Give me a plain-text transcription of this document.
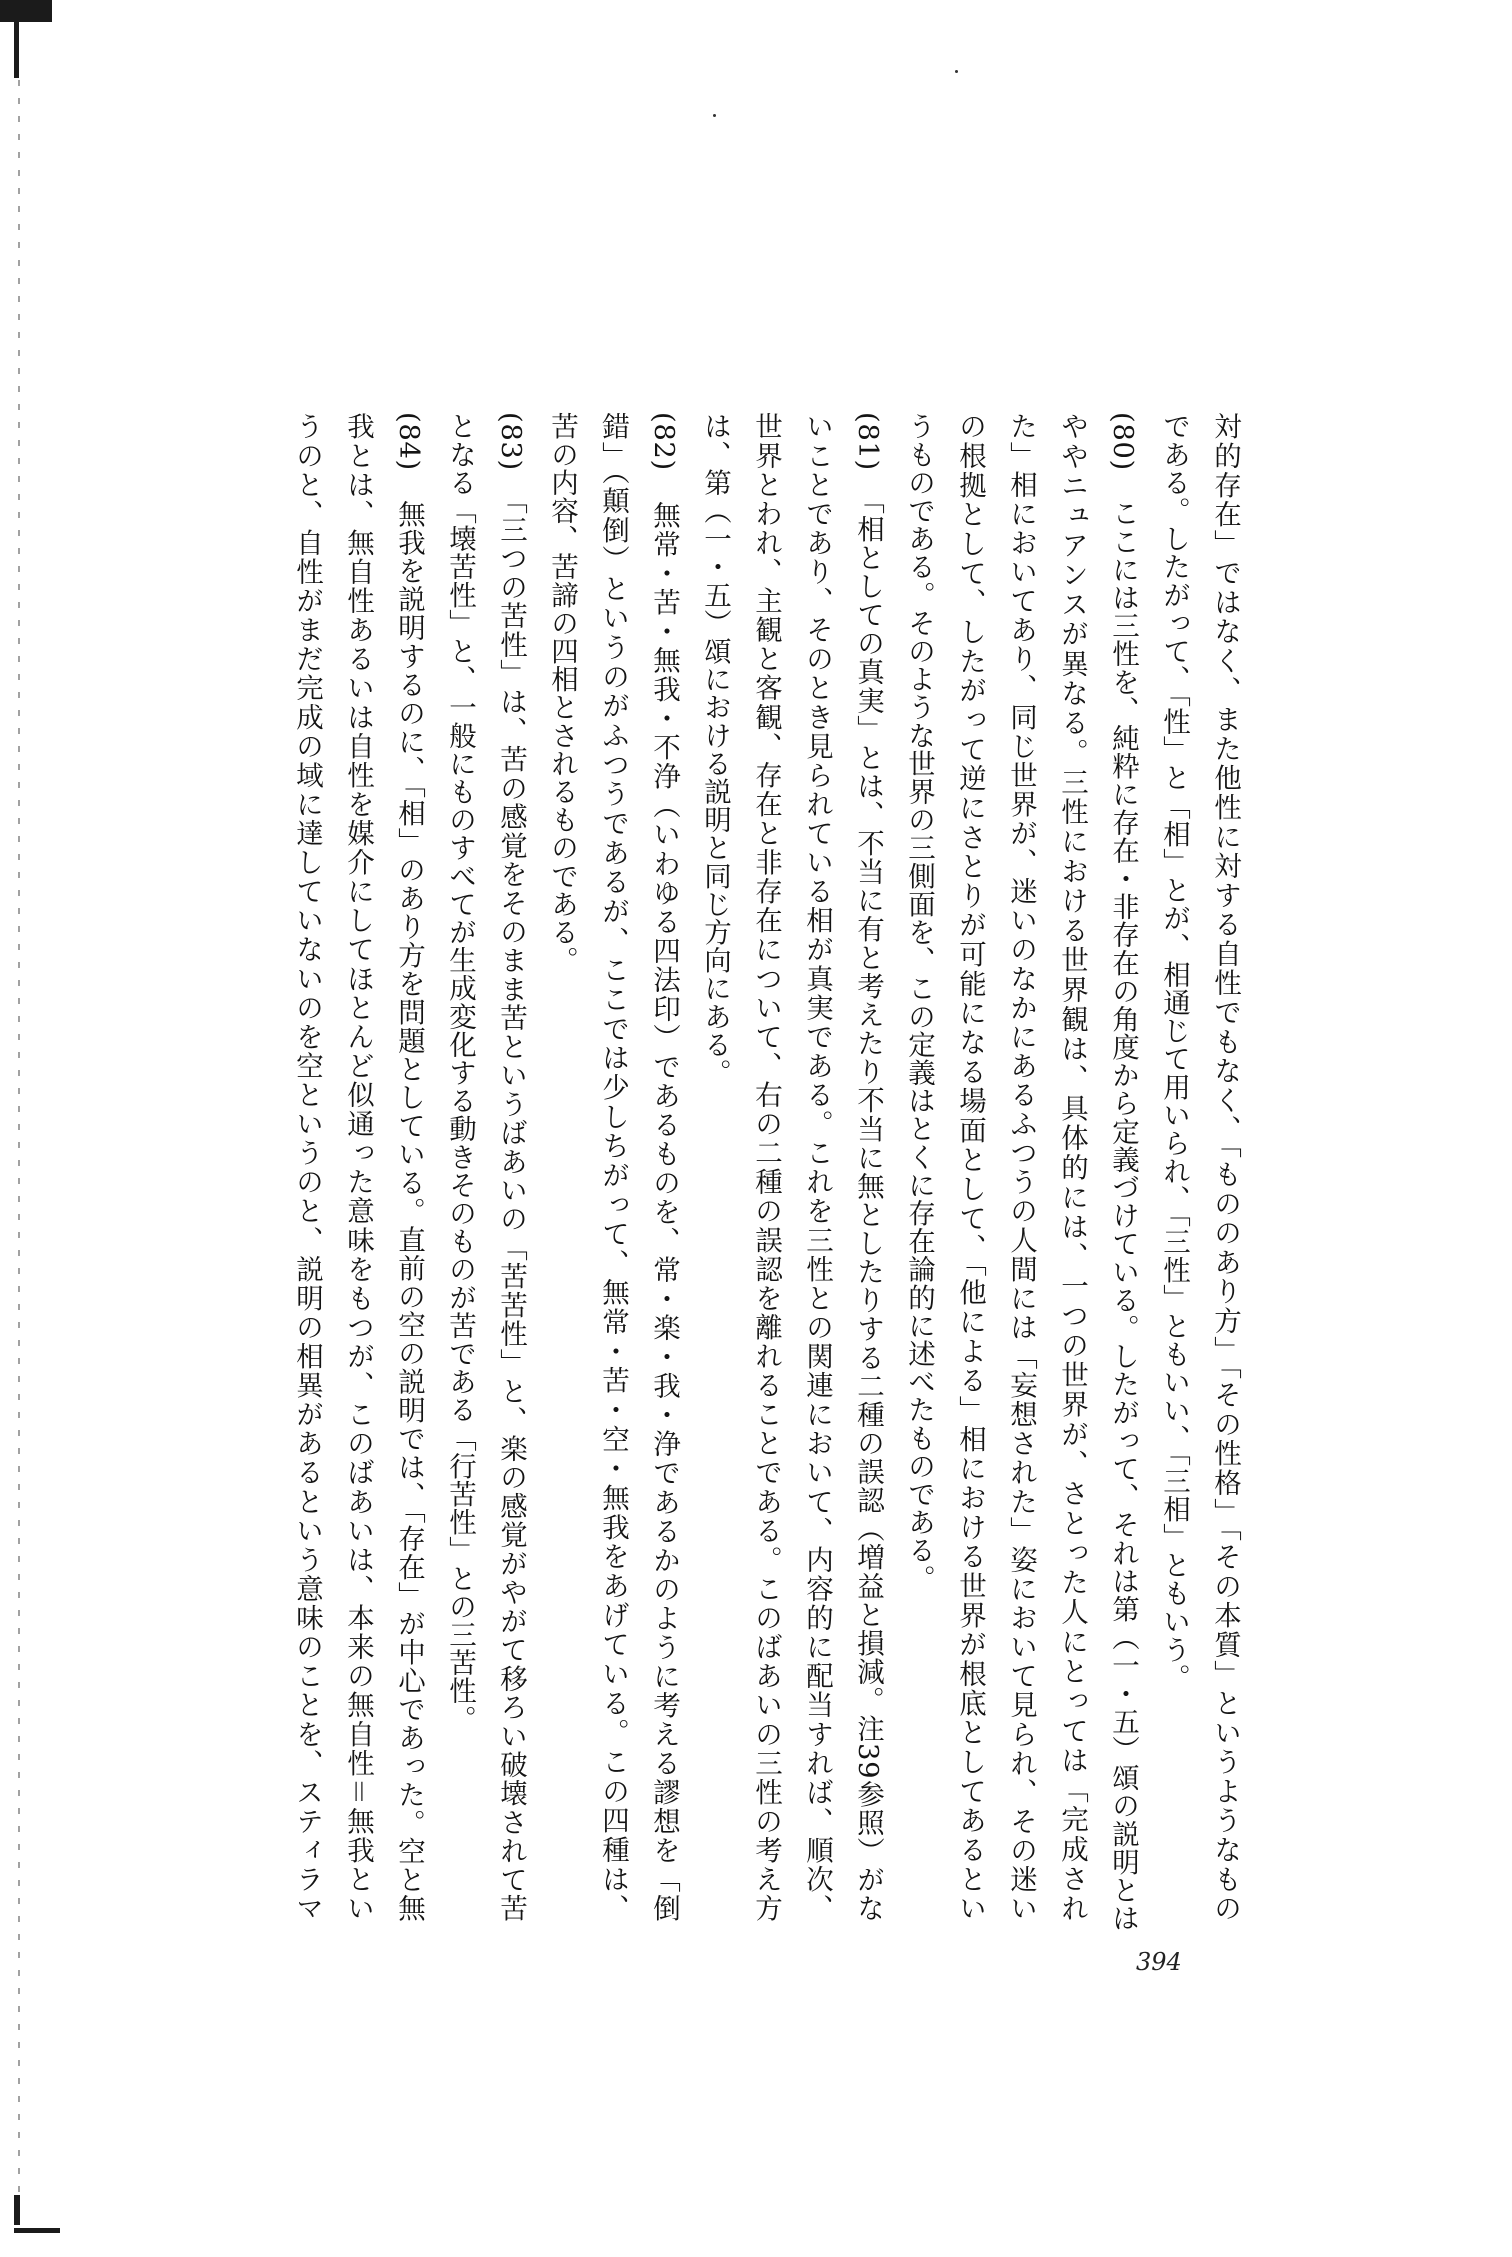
対的存在」ではなく、また他性に対する自性でもなく、「もののあり方」「その性格」「その本質」というようなもの
である。したがって、「性」と「相」とが、相通じて用いられ、「三性」ともいい、「三相」ともいう。
(80)　ここには三性を、純粋に存在・非存在の角度から定義づけている。したがって、それは第（一・五）頌の説明とは
ややニュアンスが異なる。三性における世界観は、具体的には、一つの世界が、さとった人にとっては「完成され
た」相においてあり、同じ世界が、迷いのなかにあるふつうの人間には「妄想された」姿において見られ、その迷い
の根拠として、したがって逆にさとりが可能になる場面として、「他による」相における世界が根底としてあるとい
うものである。そのような世界の三側面を、この定義はとくに存在論的に述べたものである。
(81)　「相としての真実」とは、不当に有と考えたり不当に無としたりする二種の誤認（増益と損減。注39参照）がな
いことであり、そのとき見られている相が真実である。これを三性との関連において、内容的に配当すれば、順次、
世界とわれ、主観と客観、存在と非存在について、右の二種の誤認を離れることである。このばあいの三性の考え方
は、第（一・五）頌における説明と同じ方向にある。
(82)　無常・苦・無我・不浄（いわゆる四法印）であるものを、常・楽・我・浄であるかのように考える謬想を「倒
錯」（顛倒）というのがふつうであるが、ここでは少しちがって、無常・苦・空・無我をあげている。この四種は、
苦の内容、苦諦の四相とされるものである。
(83)　「三つの苦性」は、苦の感覚をそのまま苦というばあいの「苦苦性」と、楽の感覚がやがて移ろい破壊されて苦
となる「壊苦性」と、一般にものすべてが生成変化する動きそのものが苦である「行苦性」との三苦性。
(84)　無我を説明するのに、「相」のあり方を問題としている。直前の空の説明では、「存在」が中心であった。空と無
我とは、無自性あるいは自性を媒介にしてほとんど似通った意味をもつが、このばあいは、本来の無自性＝無我とい
うのと、自性がまだ完成の域に達していないのを空というのと、説明の相異があるという意味のことを、スティラマ
394
